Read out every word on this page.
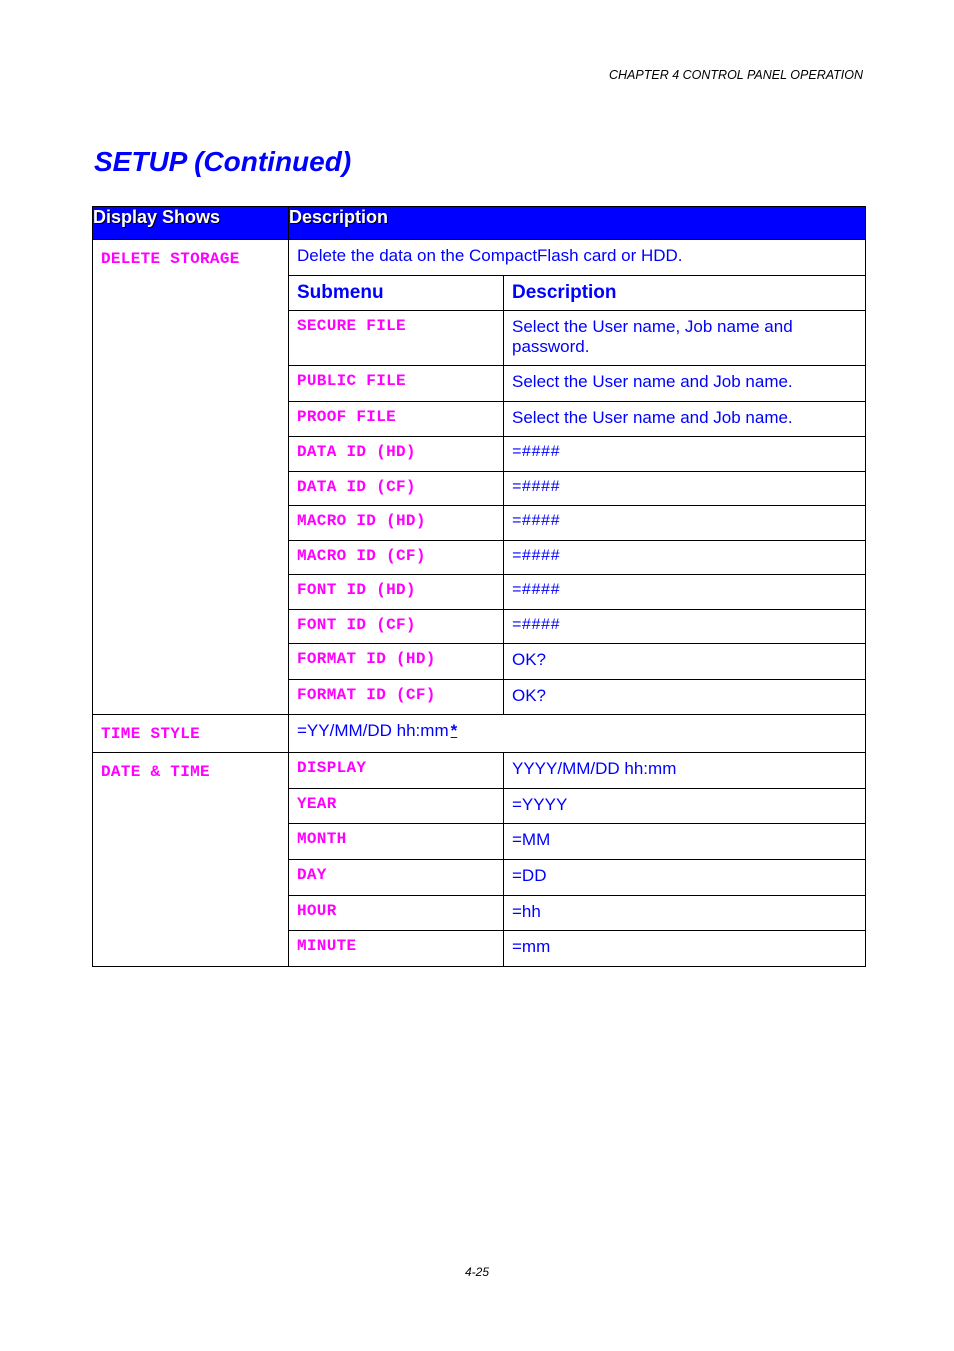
CHAPTER 4 CONTROL PANEL OPERATION
SETUP (Continued)
Display Shows	Description	
DELETE STORAGE	Delete the data on the CompactFlash card or HDD.	
	Submenu	Description
	SECURE FILE	Select the User name, Job name and password.
	PUBLIC FILE	Select the User name and Job name.
	PROOF FILE	Select the User name and Job name.
	DATA ID (HD)	=####
	DATA ID (CF)	=####
	MACRO ID (HD)	=####
	MACRO ID (CF)	=####
	FONT ID (HD)	=####
	FONT ID (CF)	=####
	FORMAT ID (HD)	OK?
	FORMAT ID (CF)	OK?
TIME STYLE	=YY/MM/DD hh:mm *	
DATE & TIME	DISPLAY	YYYY/MM/DD hh:mm
	YEAR	=YYYY
	MONTH	=MM
	DAY	=DD
	HOUR	=hh
	MINUTE	=mm
4-25
